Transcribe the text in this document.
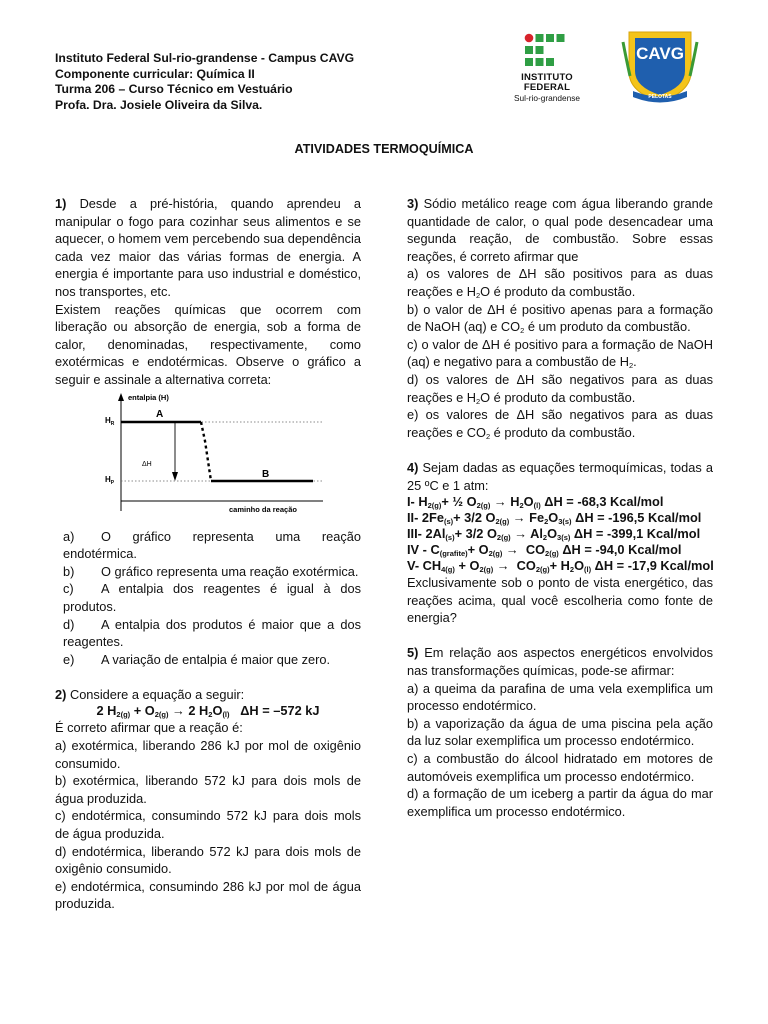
Instituto Federal Sul-rio-grandense - Campus CAVG
Componente curricular: Química II
Turma 206 – Curso Técnico em Vestuário
Profa. Dra. Josiele Oliveira da Silva.
INSTITUTO
FEDERAL
Sul-rio-grandense
CAVG
PELOTAS
ATIVIDADES TERMOQUÍMICA

1) Desde a pré-história, quando aprendeu a manipular o fogo para cozinhar seus alimentos e se aquecer, o homem vem percebendo sua dependência cada vez maior das várias formas de energia. A energia é importante para uso industrial e doméstico, nos transportes, etc.

Existem reações químicas que ocorrem com liberação ou absorção de energia, sob a forma de calor, denominadas, respectivamente, como exotérmicas e endotérmicas. Observe o gráfico a seguir e assinale a alternativa correta:

entalpia (H)
caminho da reação
$H_R$
$H_P$
A
B
ΔH

a) O gráfico representa uma reação endotérmica.

b) O gráfico representa uma reação exotérmica.

c) A entalpia dos reagentes é igual à dos produtos.

d) A entalpia dos produtos é maior que a dos reagentes.

e) A variação de entalpia é maior que zero.

2) Considere a equação a seguir:

2 $H_{2(g)} + O_{2(g)} \to 2$ $H_2O_{(l)}$   ΔH = –572 kJ

É correto afirmar que a reação é:

a) exotérmica, liberando 286 kJ por mol de oxigênio consumido.

b) exotérmica, liberando 572 kJ para dois mols de água produzida.

c) endotérmica, consumindo 572 kJ para dois mols de água produzida.

d) endotérmica, liberando 572 kJ para dois mols de oxigênio consumido.

e) endotérmica, consumindo 286 kJ por mol de água produzida.

3) Sódio metálico reage com água liberando grande quantidade de calor, o qual pode desencadear uma segunda reação, de combustão. Sobre essas reações, é correto afirmar que

a) os valores de ΔH são positivos para as duas reações e $H_2O$ é produto da combustão.

b) o valor de ΔH é positivo apenas para a formação de NaOH (aq) e $CO_2$ é um produto da combustão.

c) o valor de ΔH é positivo para a formação de NaOH (aq) e negativo para a combustão de $H_2$.

d) os valores de ΔH são negativos para as duas reações e $H_2O$ é produto da combustão.

e) os valores de ΔH são negativos para as duas reações e $CO_2$ é produto da combustão.

4) Sejam dadas as equações termoquímicas, todas a 25 ºC e 1 atm:

I- $H_{2(g)}+$ ½ $O_{2(g)} \to H_2O_{(l)}$ ΔH = -68,3 Kcal/mol

II- $2Fe_{(s)}+ 3/2$ $O_{2(g)} \to Fe_2O_{3(s)}$ ΔH = -196,5 Kcal/mol

III- $2Al_{(s)}+ 3/2$ $O_{2(g)} \to Al_2O_{3(s)}$ ΔH = -399,1 Kcal/mol

IV - $C_{(grafite)}+ O_{2(g)} \to CO_{2(g)}$ ΔH = -94,0 Kcal/mol

V- $CH_{4(g)} + O_{2(g)} \to CO_{2(g)}+ H_2O_{(l)}$ ΔH = -17,9 Kcal/mol

Exclusivamente sob o ponto de vista energético, das reações acima, qual você escolheria como fonte de energia?

5) Em relação aos aspectos energéticos envolvidos nas transformações químicas, pode-se afirmar:

a) a queima da parafina de uma vela exemplifica um processo endotérmico.

b) a vaporização da água de uma piscina pela ação da luz solar exemplifica um processo endotérmico.

c) a combustão do álcool hidratado em motores de automóveis exemplifica um processo endotérmico.

d) a formação de um iceberg a partir da água do mar exemplifica um processo endotérmico.
